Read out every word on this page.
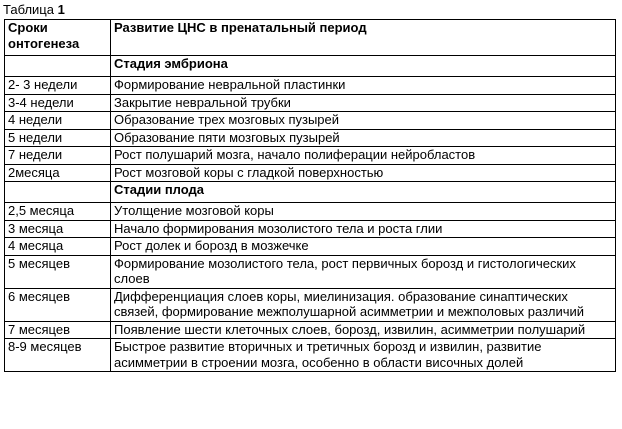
Таблица 1
Сроки онтогенеза	Развитие ЦНС в пренатальный период
	Стадия эмбриона
2- 3 недели	Формирование невральной пластинки
3-4 недели	Закрытие невральной трубки
4 недели	Образование трех мозговых пузырей
5 недели	Образование пяти мозговых пузырей
7 недели	Рост полушарий мозга, начало полиферации нейробластов
2месяца	Рост мозговой коры с гладкой поверхностью
	Стадии плода
2,5 месяца	Утолщение мозговой коры
3 месяца	Начало формирования мозолистого тела и роста глии
4 месяца	Рост долек и борозд в мозжечке
5 месяцев	Формирование мозолистого тела, рост первичных борозд и гистологических слоев
6 месяцев	Дифференциация слоев коры, миелинизация. образование синаптических связей, формирование межполушарной асимметрии и межполовых различий
7 месяцев	Появление шести клеточных слоев, борозд, извилин, асимметрии полушарий
8-9 месяцев	Быстрое развитие вторичных и третичных борозд и извилин, развитие асимметрии в строении мозга, особенно в области височных долей
